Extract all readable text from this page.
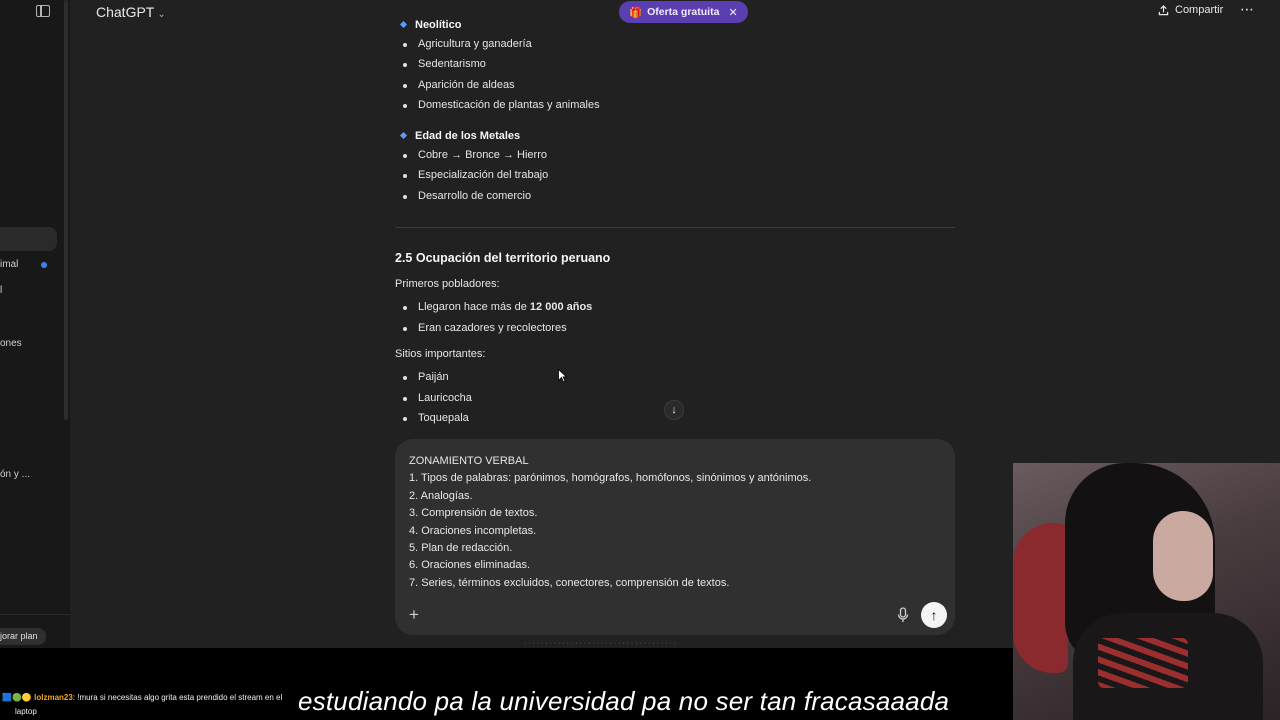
imal
l
ones
ón y ...
jorar plan
ChatGPT ⌄	🎁 Oferta gratuita ✕	Compartir ⋯
Neolítico
Agricultura y ganadería
Sedentarismo
Aparición de aldeas
Domesticación de plantas y animales
Edad de los Metales
Cobre → Bronce → Hierro
Especialización del trabajo
Desarrollo de comercio
2.5 Ocupación del territorio peruano
Primeros pobladores:
Llegaron hace más de 12 000 años
Eran cazadores y recolectores
Sitios importantes:
Paiján
Lauricocha
Toquepala
↓
ZONAMIENTO VERBAL
1. Tipos de palabras: parónimos, homógrafos, homófonos, sinónimos y antónimos.
2. Analogías.
3. Comprensión de textos.
4. Oraciones incompletas.
5. Plan de redacción.
6. Oraciones eliminadas.
7. Series, términos excluidos, conectores, comprensión de textos.
+	↑
· · · · · · · · · · · · · · · · · · · · · · · · · · · · · · · · · · · ·
🟦🟢🟡 lolzman23: !mura si necesitas algo grita esta prendido el stream en el
laptop	estudiando pa la universidad pa no ser tan fracasaaada
